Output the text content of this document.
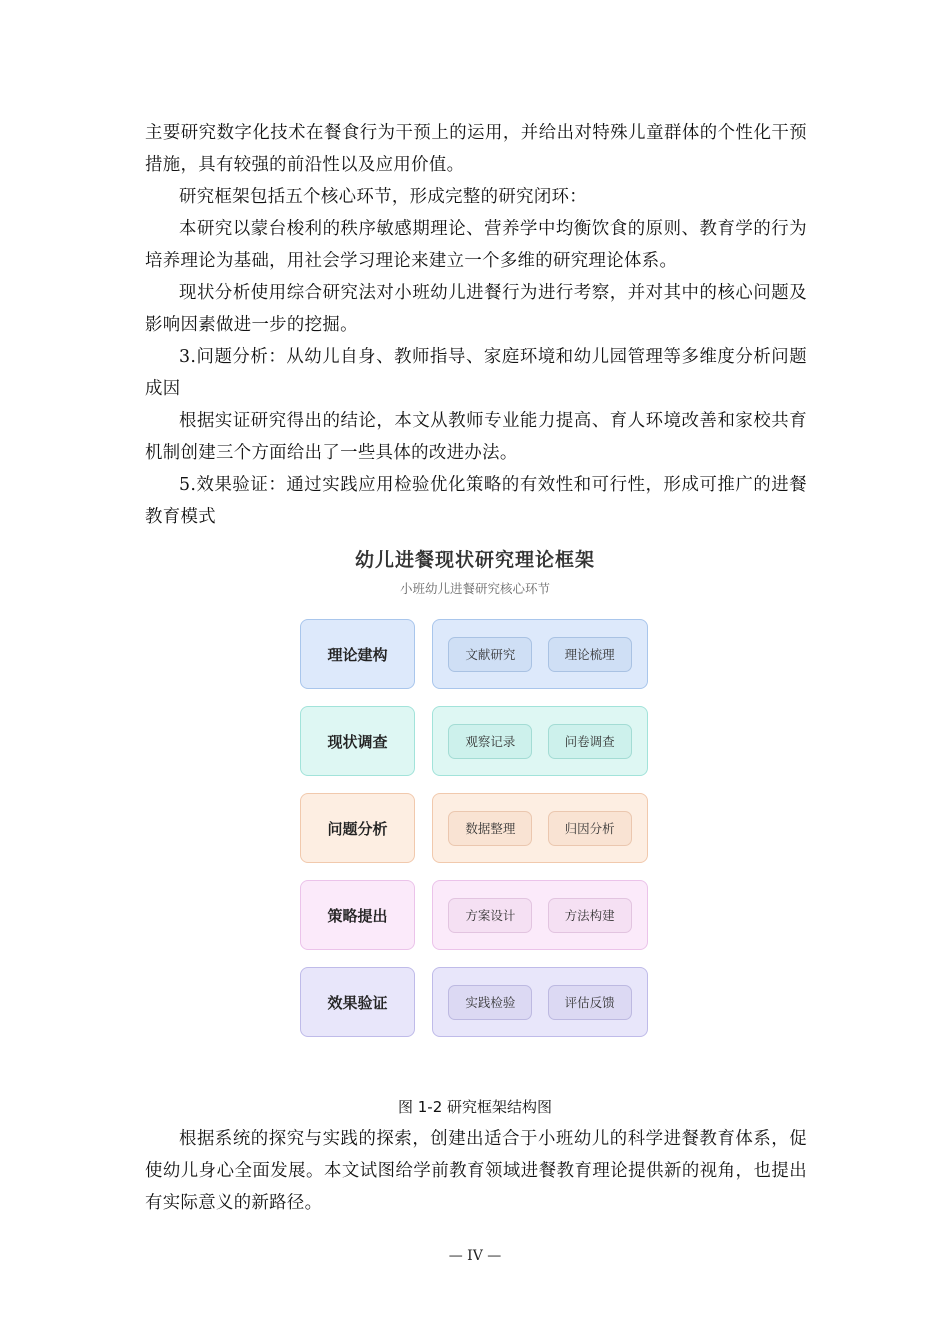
主要研究数字化技术在餐食行为干预上的运用，并给出对特殊儿童群体的个性化干预措施，具有较强的前沿性以及应用价值。

研究框架包括五个核心环节，形成完整的研究闭环：

本研究以蒙台梭利的秩序敏感期理论、营养学中均衡饮食的原则、教育学的行为培养理论为基础，用社会学习理论来建立一个多维的研究理论体系。

现状分析使用综合研究法对小班幼儿进餐行为进行考察，并对其中的核心问题及影响因素做进一步的挖掘。

3.问题分析：从幼儿自身、教师指导、家庭环境和幼儿园管理等多维度分析问题成因

根据实证研究得出的结论，本文从教师专业能力提高、育人环境改善和家校共育机制创建三个方面给出了一些具体的改进办法。

5.效果验证：通过实践应用检验优化策略的有效性和可行性，形成可推广的进餐教育模式

幼儿进餐现状研究理论框架
小班幼儿进餐研究核心环节
理论建构	文献研究	理论梳理
现状调查	观察记录	问卷调查
问题分析	数据整理	归因分析
策略提出	方案设计	方法构建
效果验证	实践检验	评估反馈
图 1-2 研究框架结构图

根据系统的探究与实践的探索，创建出适合于小班幼儿的科学进餐教育体系，促使幼儿身心全面发展。本文试图给学前教育领域进餐教育理论提供新的视角，也提出有实际意义的新路径。

— IV —
